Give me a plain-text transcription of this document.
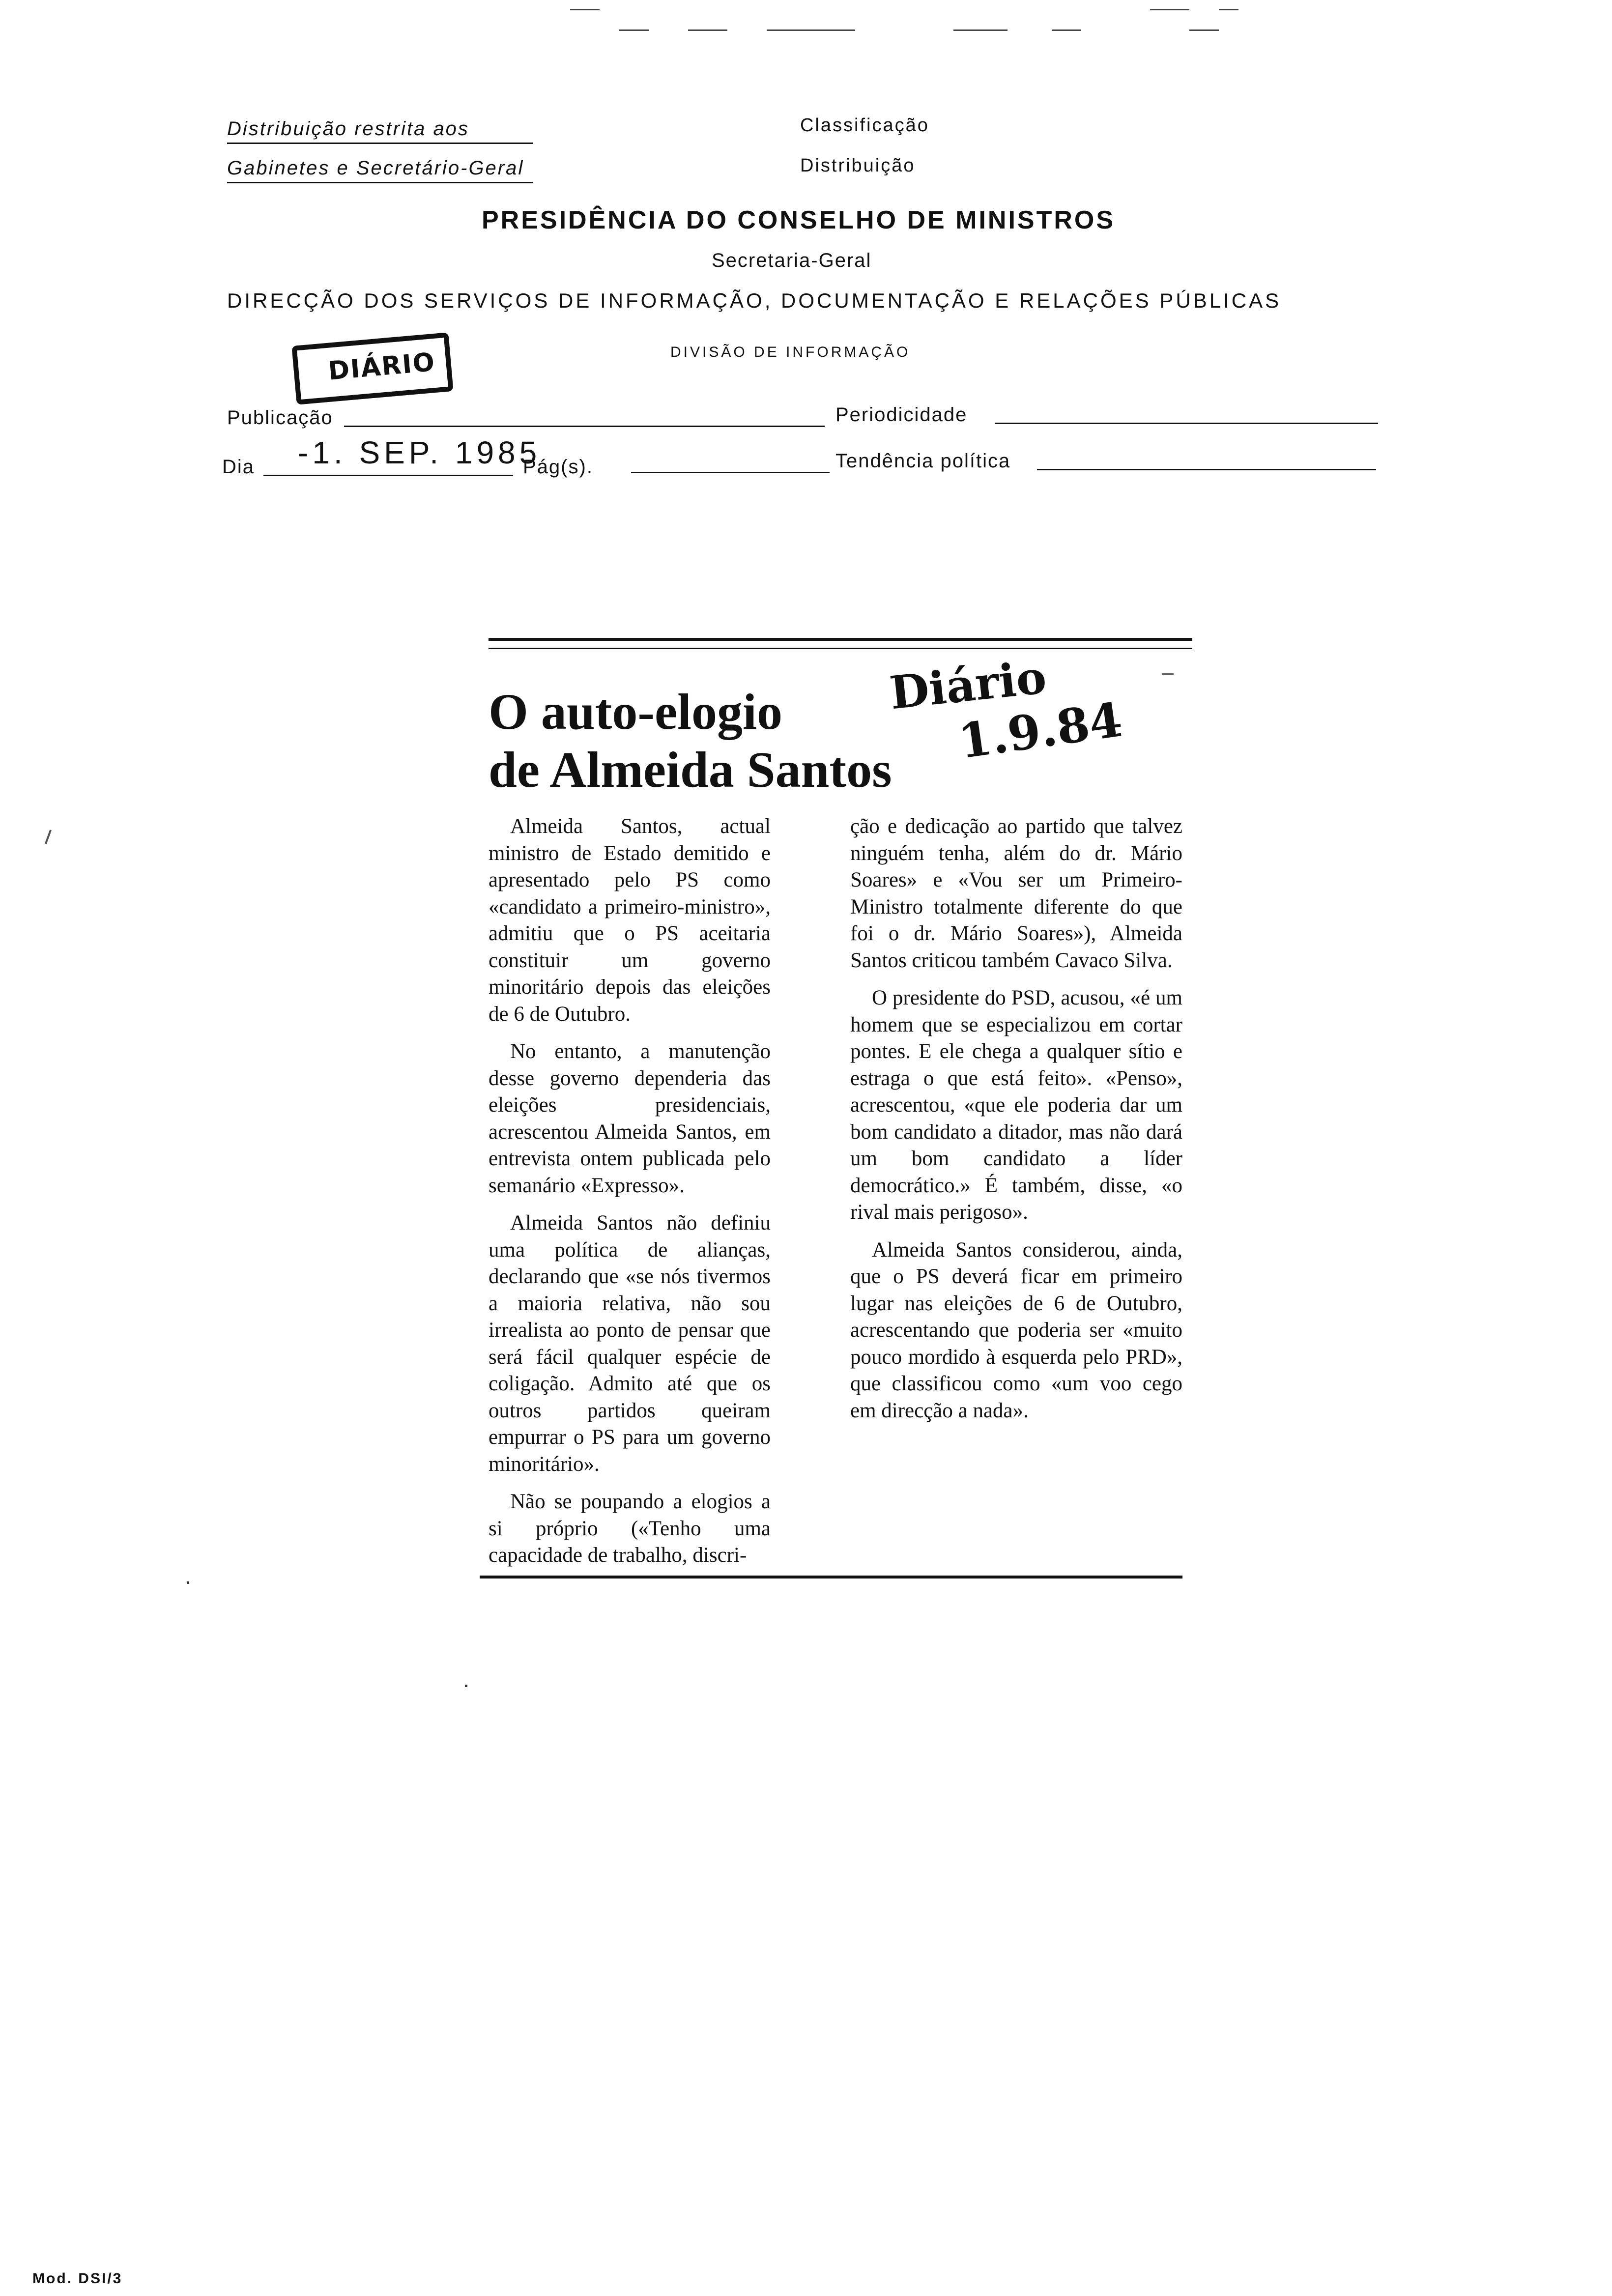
Distribuição restrita aos
Gabinetes e Secretário-Geral
Classificação
Distribuição
PRESIDÊNCIA DO CONSELHO DE MINISTROS
Secretaria-Geral
DIRECÇÃO DOS SERVIÇOS DE INFORMAÇÃO, DOCUMENTAÇÃO E RELAÇÕES PÚBLICAS
DIVISÃO DE INFORMAÇÃO
DIÁRIO
Publicação	Periodicidade
Dia -1. SEP. 1985
Pág(s).	Tendência política
O auto-elogio
de Almeida Santos
Diário
1.9.84

Almeida Santos, actual ministro de Estado demitido e apresentado pelo PS como «candidato a primeiro-ministro», admitiu que o PS aceitaria constituir um governo minoritário depois das eleições de 6 de Outubro.

No entanto, a manutenção desse governo dependeria das eleições presidenciais, acrescentou Almeida Santos, em entrevista ontem publicada pelo semanário «Expresso».

Almeida Santos não definiu uma política de alianças, declarando que «se nós tivermos a maioria relativa, não sou irrealista ao ponto de pensar que será fácil qualquer espécie de coligação. Admito até que os outros partidos queiram empurrar o PS para um governo minoritário».

Não se poupando a elogios a si próprio («Tenho uma capacidade de trabalho, discri-

ção e dedicação ao partido que talvez ninguém tenha, além do dr. Mário Soares» e «Vou ser um Primeiro-Ministro totalmente diferente do que foi o dr. Mário Soares»), Almeida Santos criticou também Cavaco Silva.

O presidente do PSD, acusou, «é um homem que se especializou em cortar pontes. E ele chega a qualquer sítio e estraga o que está feito». «Penso», acrescentou, «que ele poderia dar um bom candidato a ditador, mas não dará um bom candidato a líder democrático.» É também, disse, «o rival mais perigoso».

Almeida Santos considerou, ainda, que o PS deverá ficar em primeiro lugar nas eleições de 6 de Outubro, acrescentando que poderia ser «muito pouco mordido à esquerda pelo PRD», que classificou como «um voo cego em direcção a nada».

Mod. DSI/3
